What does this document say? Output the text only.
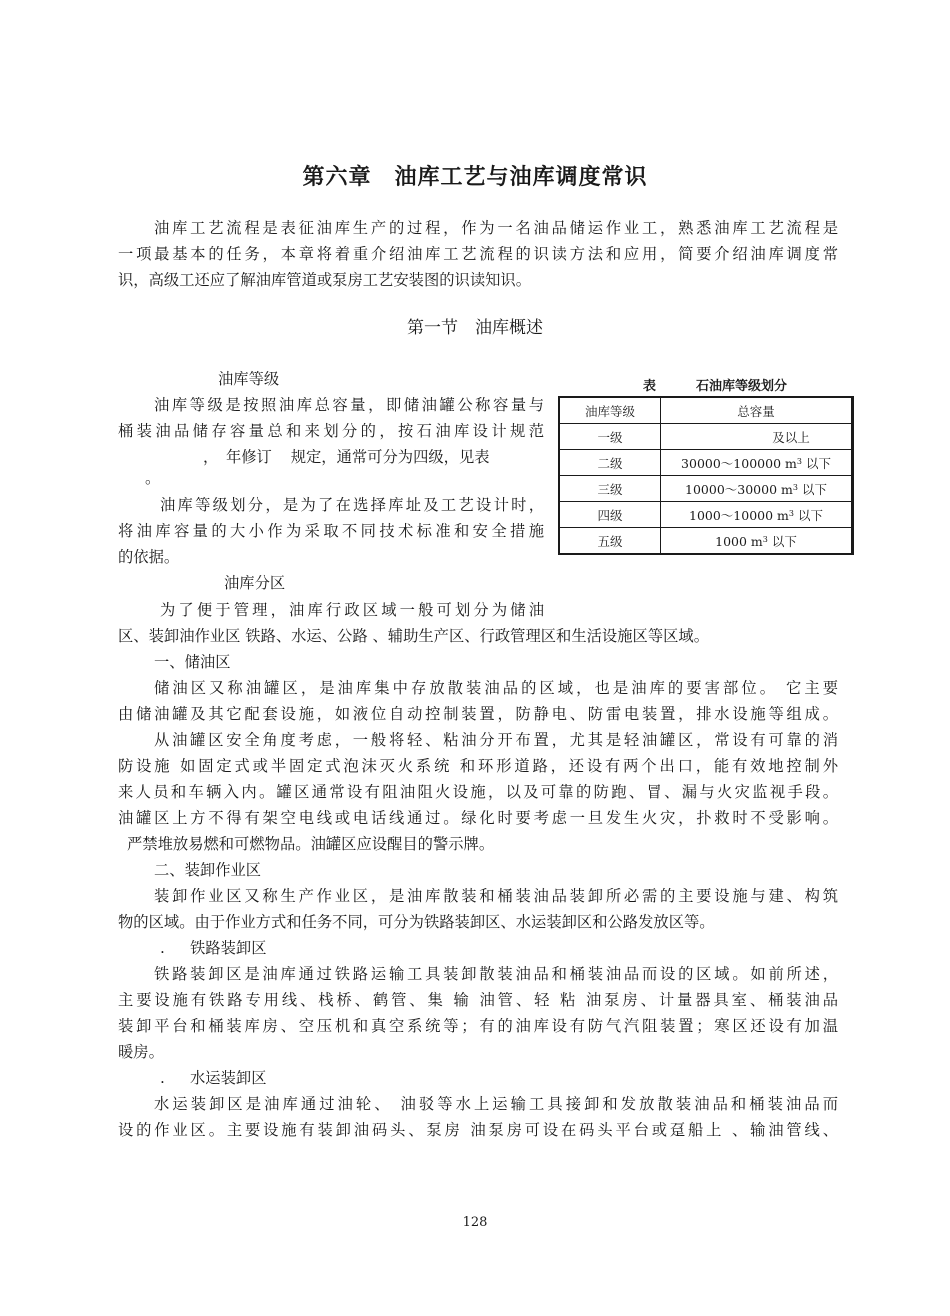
第六章　油库工艺与油库调度常识
油库工艺流程是表征油库生产的过程，作为一名油品储运作业工，熟悉油库工艺流程是
一项最基本的任务，本章将着重介绍油库工艺流程的识读方法和应用，简要介绍油库调度常
识，高级工还应了解油库管道或泵房工艺安装图的识读知识。
第一节　油库概述
油库等级
油库等级是按照油库总容量，即储油罐公称容量与
桶装油品储存容量总和来划分的，按石油库设计规范
，　年修订 规定，通常可分为四级，见表
。
油库等级划分，是为了在选择库址及工艺设计时，
将油库容量的大小作为采取不同技术标准和安全措施
的依据。
表	石油库等级划分
油库等级	总容量
一级	及以上
二级	30000～100000 $m^3$ 以下
三级	10000～30000 $m^3$ 以下
四级	1000～10000 $m^3$ 以下
五级	1000 $m^3$ 以下
油库分区
为了便于管理，油库行政区域一般可划分为储油
区、装卸油作业区 铁路、水运、公路 、辅助生产区、行政管理区和生活设施区等区域。
一、储油区
储油区又称油罐区，是油库集中存放散装油品的区域，也是油库的要害部位。 它主要
由储油罐及其它配套设施，如液位自动控制装置，防静电、防雷电装置，排水设施等组成。
从油罐区安全角度考虑，一般将轻、粘油分开布置，尤其是轻油罐区，常设有可靠的消
防设施 如固定式或半固定式泡沫灭火系统 和环形道路，还设有两个出口，能有效地控制外
来人员和车辆入内。罐区通常设有阻油阻火设施，以及可靠的防跑、冒、漏与火灾监视手段。
油罐区上方不得有架空电线或电话线通过。绿化时要考虑一旦发生火灾，扑救时不受影响。
严禁堆放易燃和可燃物品。油罐区应设醒目的警示牌。
二、装卸作业区
装卸作业区又称生产作业区，是油库散装和桶装油品装卸所必需的主要设施与建、构筑
物的区域。由于作业方式和任务不同，可分为铁路装卸区、水运装卸区和公路发放区等。
. 铁路装卸区
铁路装卸区是油库通过铁路运输工具装卸散装油品和桶装油品而设的区域。如前所述，
主要设施有铁路专用线、栈桥、鹤管、集 输 油管、轻 粘 油泵房、计量器具室、桶装油品
装卸平台和桶装库房、空压机和真空系统等；有的油库设有防气汽阻装置；寒区还设有加温
暖房。
. 水运装卸区
水运装卸区是油库通过油轮、 油驳等水上运输工具接卸和发放散装油品和桶装油品而
设的作业区。主要设施有装卸油码头、泵房 油泵房可设在码头平台或趸船上 、输油管线、
128
